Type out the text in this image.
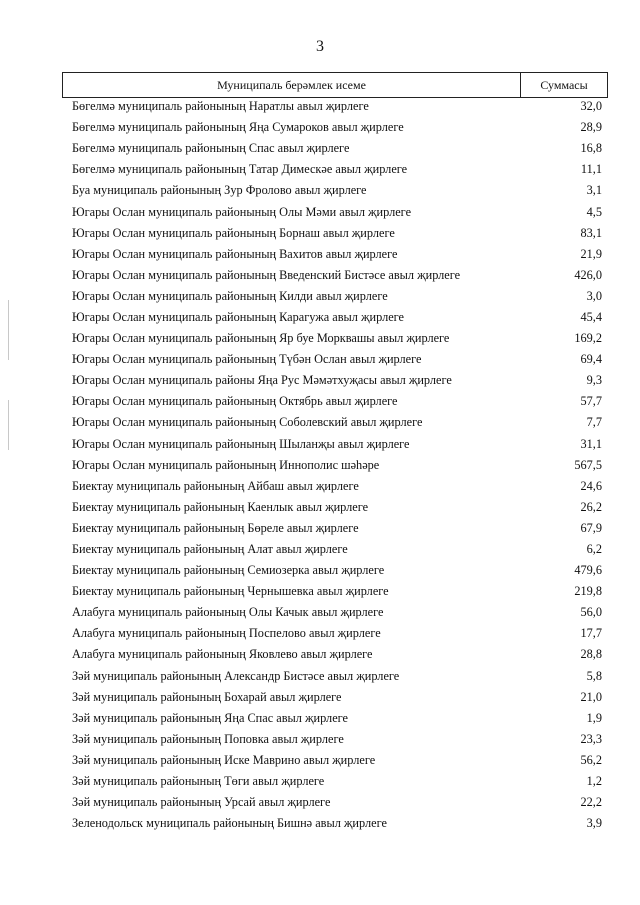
3
Муниципаль берәмлек исеме	Суммасы
Бөгелмә муниципаль районының Наратлы авыл җирлеге	32,0
Бөгелмә муниципаль районының Яңа Сумароков авыл җирлеге	28,9
Бөгелмә муниципаль районының Спас авыл җирлеге	16,8
Бөгелмә муниципаль районының Татар Димескәе авыл җирлеге	11,1
Буа муниципаль районының Зур Фролово авыл җирлеге	3,1
Югары Ослан муниципаль районының Олы Мәми авыл җирлеге	4,5
Югары Ослан муниципаль районының Борнаш авыл җирлеге	83,1
Югары Ослан муниципаль районының Вахитов авыл җирлеге	21,9
Югары Ослан муниципаль районының Введенский Бистәсе авыл җирлеге	426,0
Югары Ослан муниципаль районының Килди авыл җирлеге	3,0
Югары Ослан муниципаль районының Карагужа авыл җирлеге	45,4
Югары Ослан муниципаль районының Яр буе Морквашы авыл җирлеге	169,2
Югары Ослан муниципаль районының Түбән Ослан авыл җирлеге	69,4
Югары Ослан муниципаль районы Яңа Рус Мәмәтхуҗасы авыл җирлеге	9,3
Югары Ослан муниципаль районының Октябрь авыл җирлеге	57,7
Югары Ослан муниципаль районының Соболевский авыл җирлеге	7,7
Югары Ослан муниципаль районының Шыланҗы авыл җирлеге	31,1
Югары Ослан муниципаль районының Иннополис шәһәре	567,5
Биектау муниципаль районының Айбаш авыл җирлеге	24,6
Биектау муниципаль районының Каенлык авыл җирлеге	26,2
Биектау муниципаль районының Бөреле авыл җирлеге	67,9
Биектау муниципаль районының Алат авыл җирлеге	6,2
Биектау муниципаль районының Семиозерка авыл җирлеге	479,6
Биектау муниципаль районының Чернышевка авыл җирлеге	219,8
Алабуга муниципаль районының Олы Качык авыл җирлеге	56,0
Алабуга муниципаль районының Поспелово авыл җирлеге	17,7
Алабуга муниципаль районының Яковлево авыл җирлеге	28,8
Зәй муниципаль районының Александр Бистәсе авыл җирлеге	5,8
Зәй муниципаль районының Бохарай авыл җирлеге	21,0
Зәй муниципаль районының Яңа Спас авыл җирлеге	1,9
Зәй муниципаль районының Поповка авыл җирлеге	23,3
Зәй муниципаль районының Иске Маврино авыл җирлеге	56,2
Зәй муниципаль районының Төги авыл җирлеге	1,2
Зәй муниципаль районының Урсай авыл җирлеге	22,2
Зеленодольск муниципаль районының Бишнә авыл җирлеге	3,9
